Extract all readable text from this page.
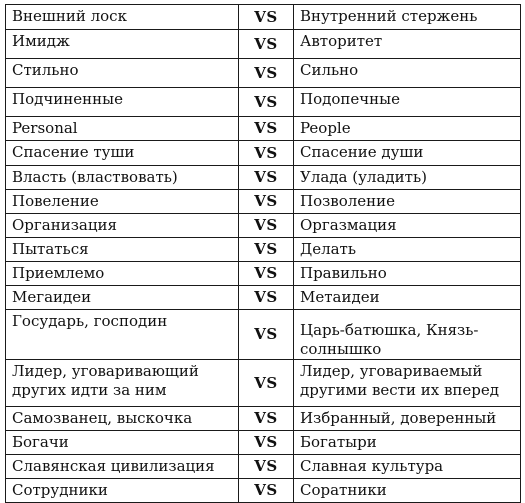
Внешний лоск	VS	Внутренний стержень
Имидж	VS	Авторитет
Стильно	VS	Сильно
Подчиненные	VS	Подопечные
Personal	VS	People
Спасение туши	VS	Спасение души
Власть (властвовать)	VS	Улада (уладить)
Повеление	VS	Позволение
Организация	VS	Оргазмация
Пытаться	VS	Делать
Приемлемо	VS	Правильно
Мегаидеи	VS	Метаидеи
Государь, господин	VS	Царь-батюшка, Князь-солнышко
Лидер, уговаривающий других идти за ним	VS	Лидер, уговариваемый другими вести их вперед
Самозванец, выскочка	VS	Избранный, доверенный
Богачи	VS	Богатыри
Славянская цивилизация	VS	Славная культура
Сотрудники	VS	Соратники
